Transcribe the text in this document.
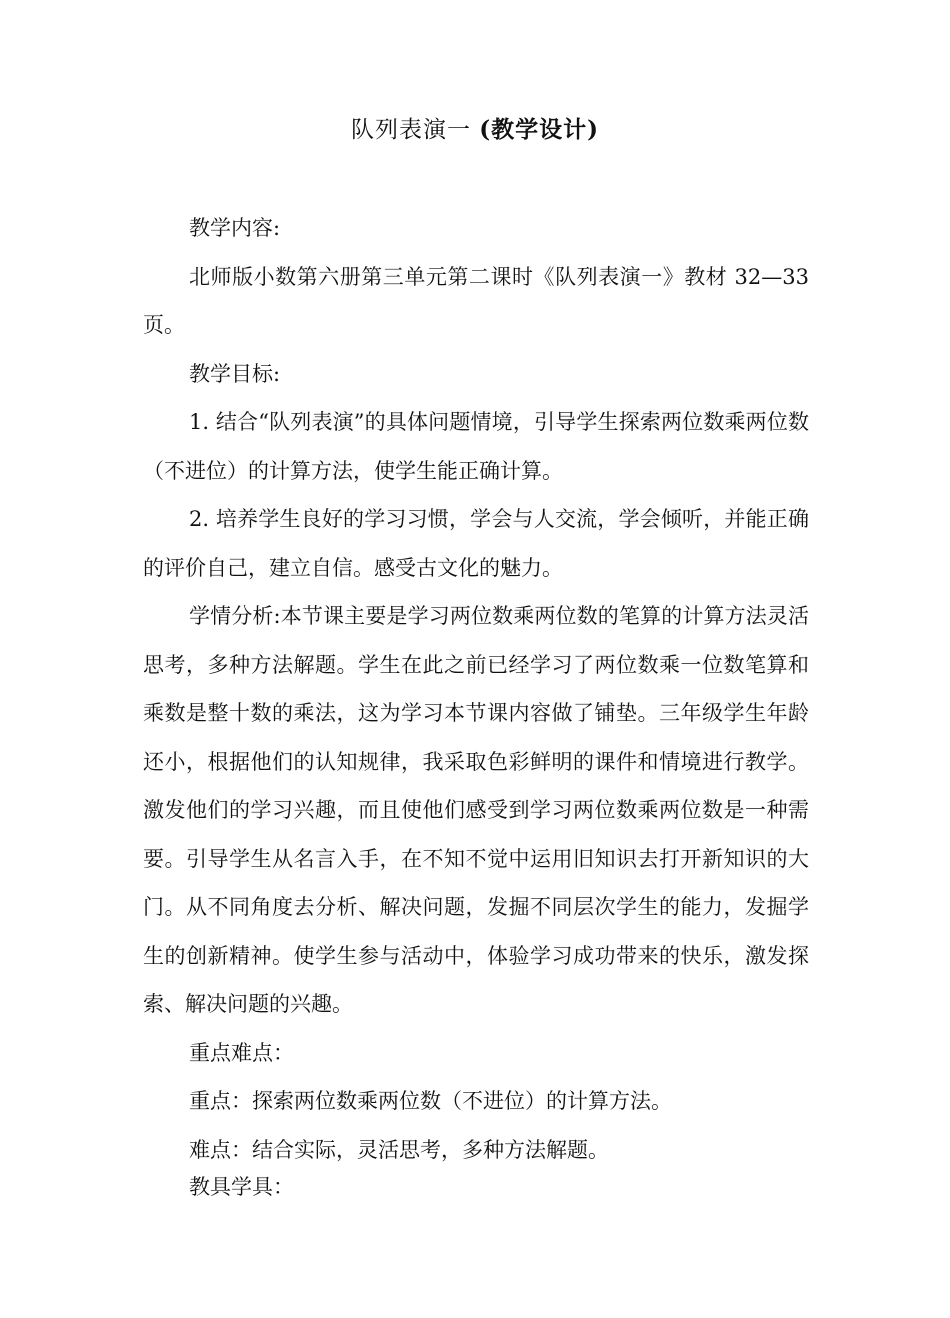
队列表演一 (教学设计)

教学内容:

北师版小数第六册第三单元第二课时《队列表演一》教材 32—33 页。

教学目标:

1. 结合“队列表演”的具体问题情境，引导学生探索两位数乘两位数（不进位）的计算方法，使学生能正确计算。

2. 培养学生良好的学习习惯，学会与人交流，学会倾听，并能正确的评价自己，建立自信。感受古文化的魅力。

学情分析:本节课主要是学习两位数乘两位数的笔算的计算方法灵活思考，多种方法解题。学生在此之前已经学习了两位数乘一位数笔算和乘数是整十数的乘法，这为学习本节课内容做了铺垫。三年级学生年龄还小，根据他们的认知规律，我采取色彩鲜明的课件和情境进行教学。激发他们的学习兴趣，而且使他们感受到学习两位数乘两位数是一种需要。引导学生从名言入手，在不知不觉中运用旧知识去打开新知识的大门。从不同角度去分析、解决问题，发掘不同层次学生的能力，发掘学生的创新精神。使学生参与活动中，体验学习成功带来的快乐，激发探索、解决问题的兴趣。

重点难点：

重点：探索两位数乘两位数（不进位）的计算方法。

难点：结合实际，灵活思考，多种方法解题。

教具学具：
